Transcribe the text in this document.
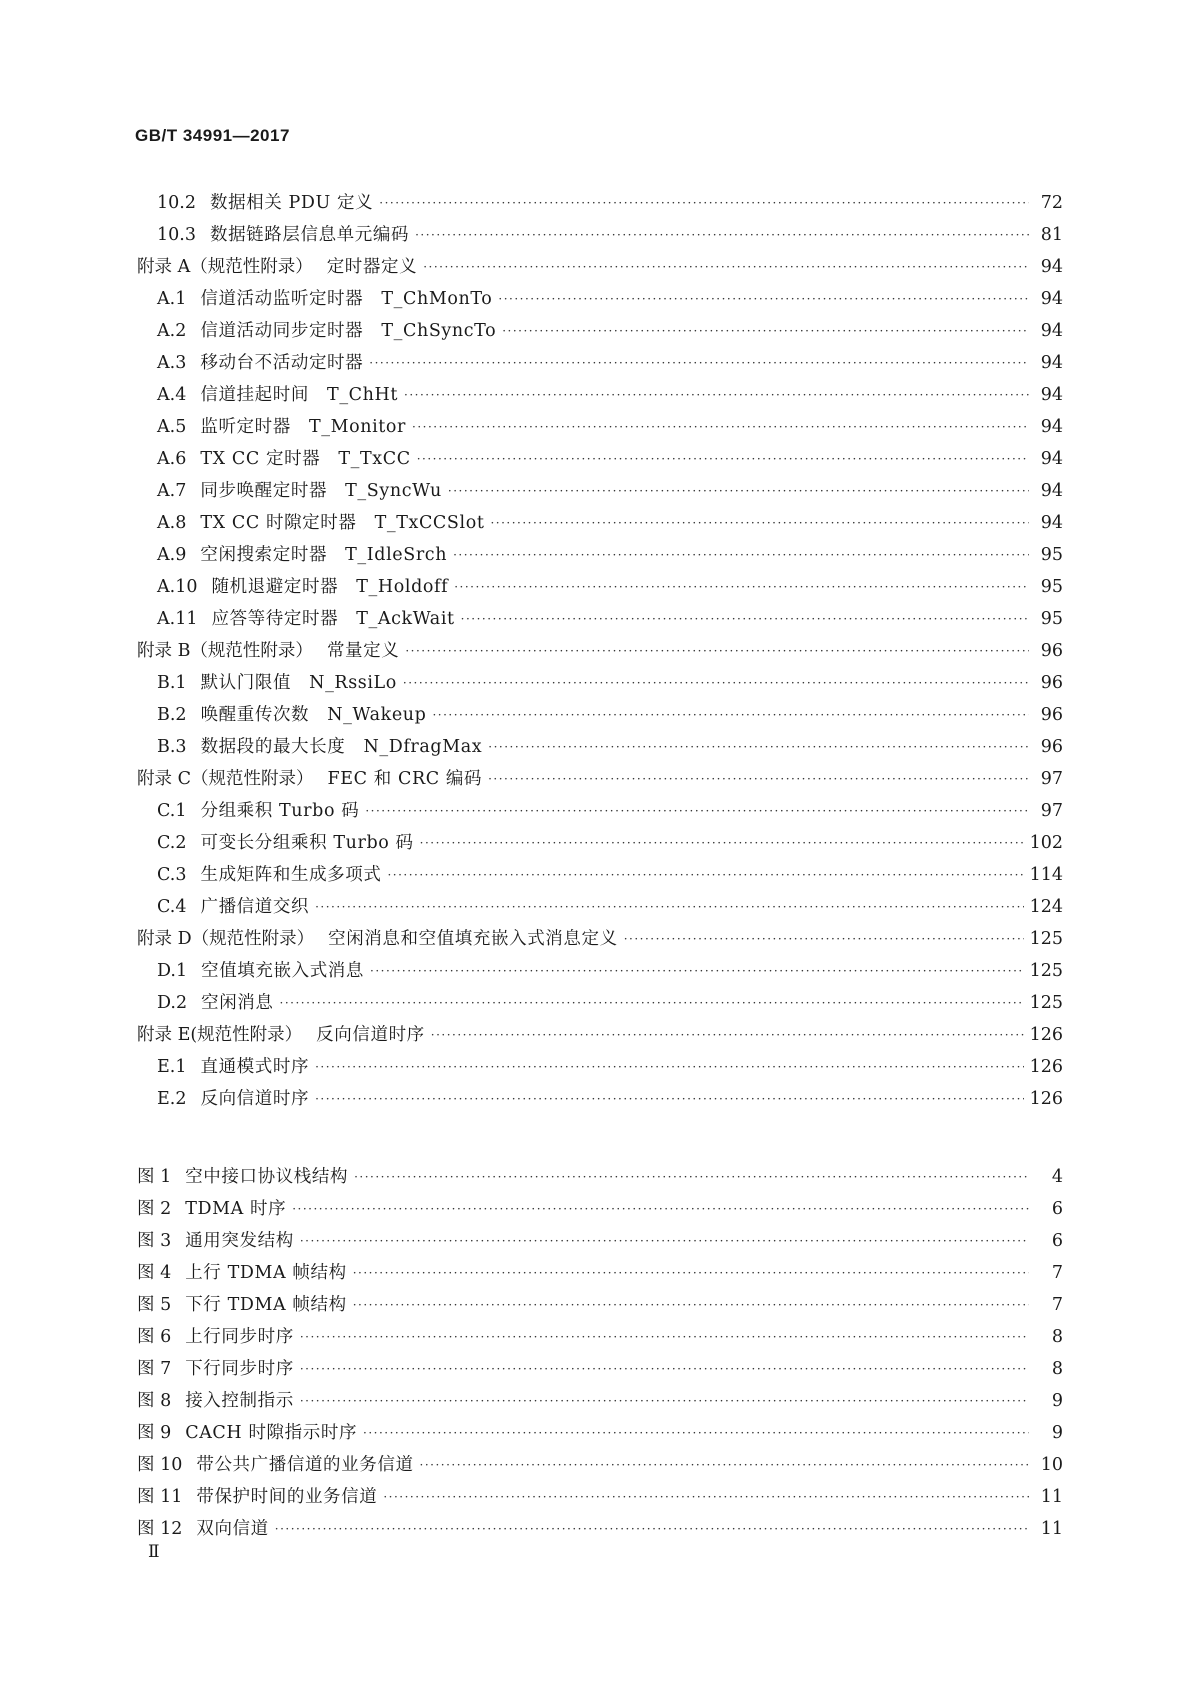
GB/T 34991—2017
10.2 数据相关 PDU 定义 ·····	72
10.3 数据链路层信息单元编码 ·····	81
附录 A（规范性附录） 定时器定义 ·····	94
A.1 信道活动监听定时器　T_ChMonTo ·····	94
A.2 信道活动同步定时器　T_ChSyncTo ·····	94
A.3 移动台不活动定时器 ·····	94
A.4 信道挂起时间　T_ChHt ·····	94
A.5 监听定时器　T_Monitor ·····	94
A.6 TX CC 定时器　T_TxCC ·····	94
A.7 同步唤醒定时器　T_SyncWu ·····	94
A.8 TX CC 时隙定时器　T_TxCCSlot ·····	94
A.9 空闲搜索定时器　T_IdleSrch ·····	95
A.10 随机退避定时器　T_Holdoff ·····	95
A.11 应答等待定时器　T_AckWait ·····	95
附录 B（规范性附录） 常量定义 ·····	96
B.1 默认门限值　N_RssiLo ·····	96
B.2 唤醒重传次数　N_Wakeup ·····	96
B.3 数据段的最大长度　N_DfragMax ·····	96
附录 C（规范性附录） FEC 和 CRC 编码 ·····	97
C.1 分组乘积 Turbo 码 ·····	97
C.2 可变长分组乘积 Turbo 码 ·····	102
C.3 生成矩阵和生成多项式 ·····	114
C.4 广播信道交织 ·····	124
附录 D（规范性附录） 空闲消息和空值填充嵌入式消息定义 ·····	125
D.1 空值填充嵌入式消息 ·····	125
D.2 空闲消息 ·····	125
附录 E(规范性附录） 反向信道时序 ·····	126
E.1 直通模式时序 ·····	126
E.2 反向信道时序 ·····	126
图 1 空中接口协议栈结构 ·····	4
图 2 TDMA 时序 ·····	6
图 3 通用突发结构 ·····	6
图 4 上行 TDMA 帧结构 ·····	7
图 5 下行 TDMA 帧结构 ·····	7
图 6 上行同步时序 ·····	8
图 7 下行同步时序 ·····	8
图 8 接入控制指示 ·····	9
图 9 CACH 时隙指示时序 ·····	9
图 10 带公共广播信道的业务信道 ·····	10
图 11 带保护时间的业务信道 ·····	11
图 12 双向信道 ·····	11
Ⅱ
